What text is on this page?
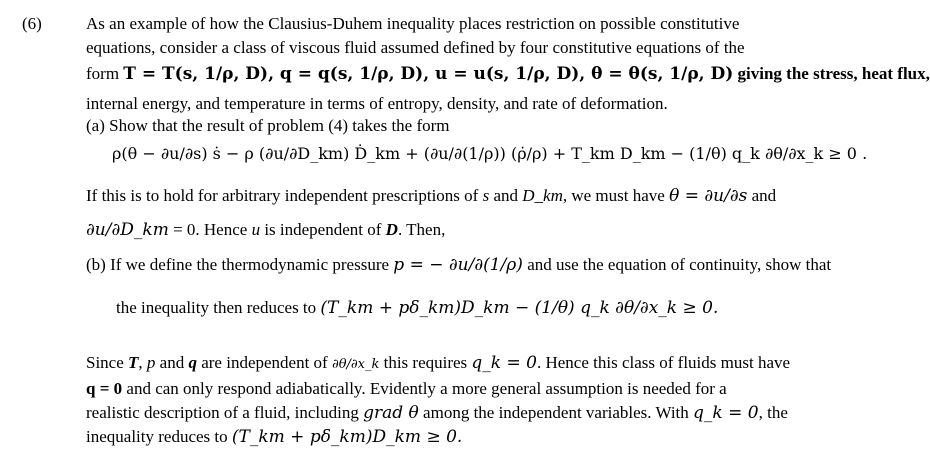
(6)	As an example of how the Clausius-Duhem inequality places restriction on possible constitutive
equations, consider a class of viscous fluid assumed defined by four constitutive equations of the
form T = T(s, 1/ρ, D), q = q(s, 1/ρ, D), u = u(s, 1/ρ, D), θ = θ(s, 1/ρ, D) giving the stress, heat flux,
internal energy, and temperature in terms of entropy, density, and rate of deformation.
(a) Show that the result of problem (4) takes the form
ρ(θ − ∂u/∂s) ṡ − ρ (∂u/∂D_km) Ḋ_km + (∂u/∂(1/ρ)) (ρ̇/ρ) + T_km D_km − (1/θ) q_k ∂θ/∂x_k ≥ 0 .
If this is to hold for arbitrary independent prescriptions of s and D_km, we must have θ = ∂u/∂s and
∂u/∂D_km = 0. Hence u is independent of D. Then,
(b) If we define the thermodynamic pressure p = − ∂u/∂(1/ρ) and use the equation of continuity, show that
the inequality then reduces to (T_km + pδ_km)D_km − (1/θ) q_k ∂θ/∂x_k ≥ 0.
Since T, p and q are independent of ∂θ/∂x_k this requires q_k = 0. Hence this class of fluids must have
q = 0 and can only respond adiabatically. Evidently a more general assumption is needed for a
realistic description of a fluid, including grad θ among the independent variables. With q_k = 0, the
inequality reduces to (T_km + pδ_km)D_km ≥ 0.
